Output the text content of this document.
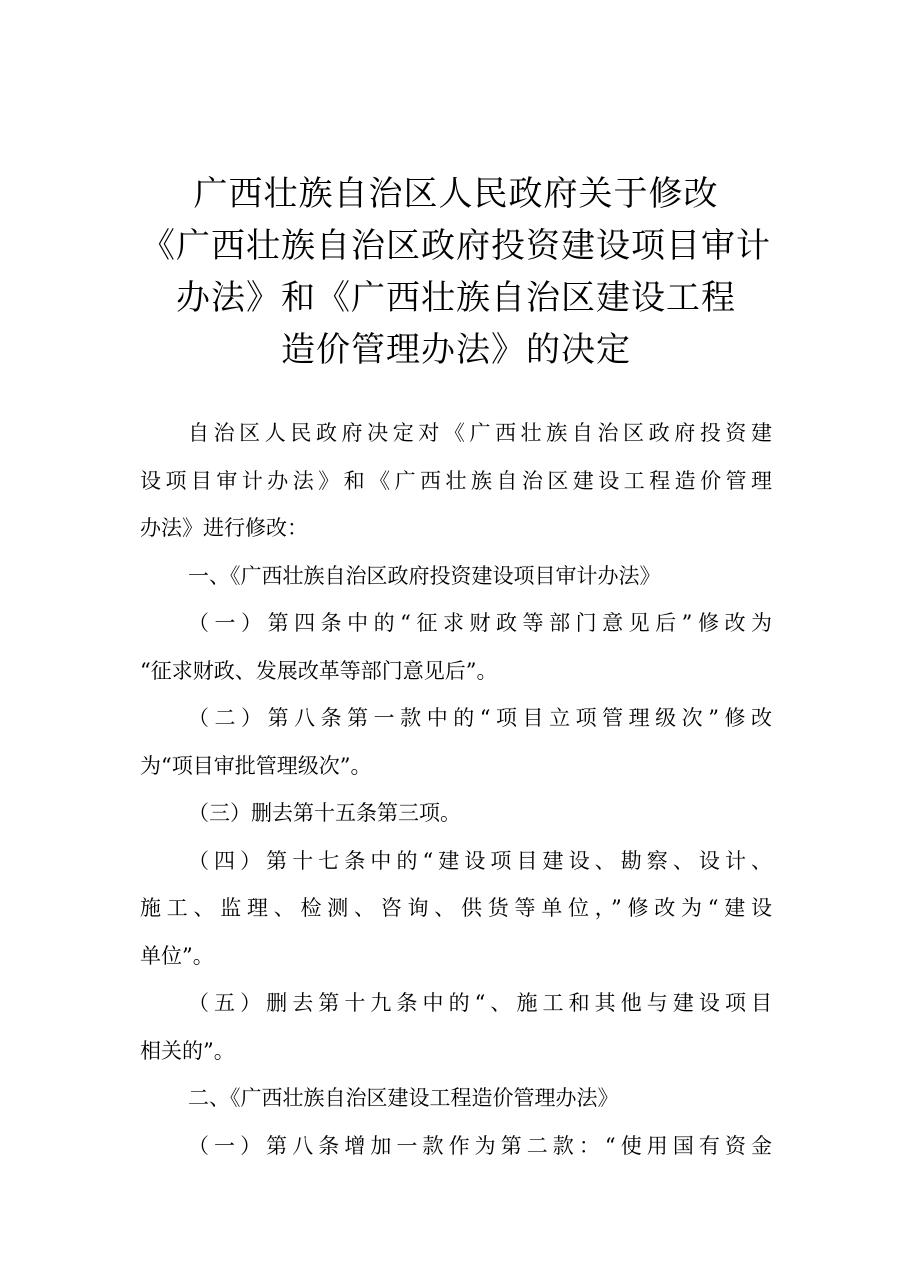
广西壮族自治区人民政府关于修改
《广西壮族自治区政府投资建设项目审计
办法》和《广西壮族自治区建设工程
造价管理办法》的决定
自治区人民政府决定对《广西壮族自治区政府投资建
设项目审计办法》和《广西壮族自治区建设工程造价管理
办法》进行修改：
一、《广西壮族自治区政府投资建设项目审计办法》
（一）第四条中的“征求财政等部门意见后”修改为
“征求财政、发展改革等部门意见后”。
（二）第八条第一款中的“项目立项管理级次”修改
为“项目审批管理级次”。
（三）删去第十五条第三项。
（四）第十七条中的“建设项目建设、勘察、设计、
施工、监理、检测、咨询、供货等单位，”修改为“建设
单位”。
（五）删去第十九条中的“、施工和其他与建设项目
相关的”。
二、《广西壮族自治区建设工程造价管理办法》
（一）第八条增加一款作为第二款：“使用国有资金
